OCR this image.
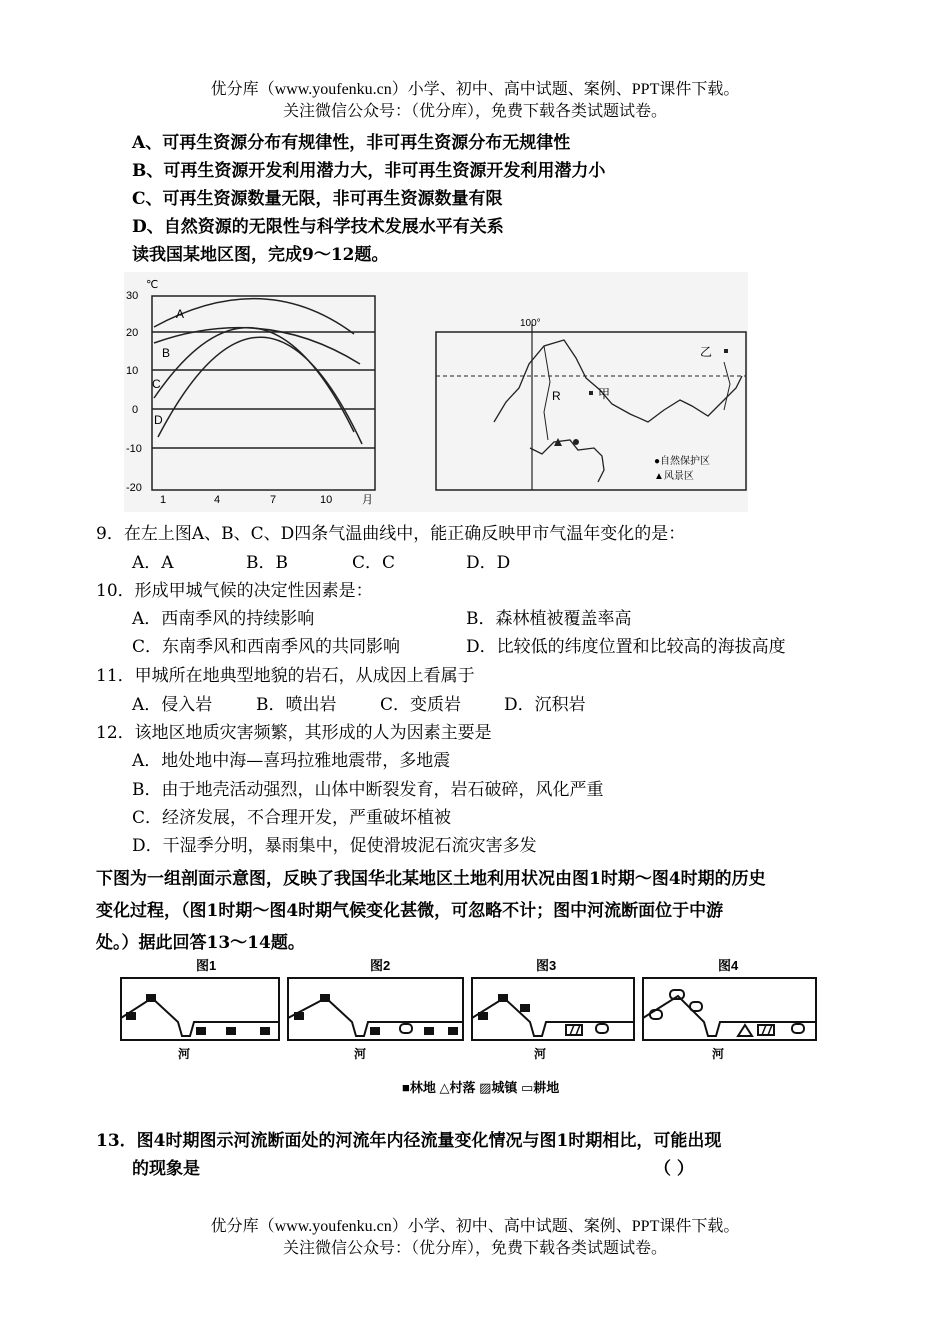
优分库（www.youfenku.cn）小学、初中、高中试题、案例、PPT课件下载。
关注微信公众号：（优分库），免费下载各类试题试卷。
A、可再生资源分布有规律性，非可再生资源分布无规律性
B、可再生资源开发利用潜力大，非可再生资源开发利用潜力小
C、可再生资源数量无限，非可再生资源数量有限
D、自然资源的无限性与科学技术发展水平有关系
读我国某地区图，完成9～12题。
℃
30
20
10
0
-10
-20
1	4	7	10	月
A
B
C
D
100°
R	甲
乙
●自然保护区
▲风景区
9．在左上图A、B、C、D四条气温曲线中，能正确反映甲市气温年变化的是：
A．A	B．B	C．C	D．D
10．形成甲城气候的决定性因素是：
A．西南季风的持续影响	B．森林植被覆盖率高
C．东南季风和西南季风的共同影响	D．比较低的纬度位置和比较高的海拔高度
11．甲城所在地典型地貌的岩石，从成因上看属于
A．侵入岩	B．喷出岩	C．变质岩	D．沉积岩
12．该地区地质灾害频繁，其形成的人为因素主要是
A．地处地中海—喜玛拉雅地震带，多地震
B．由于地壳活动强烈，山体中断裂发育，岩石破碎，风化严重
C．经济发展，不合理开发，严重破坏植被
D．干湿季分明，暴雨集中，促使滑坡泥石流灾害多发
下图为一组剖面示意图，反映了我国华北某地区土地利用状况由图1时期～图4时期的历史
变化过程，（图1时期～图4时期气候变化甚微，可忽略不计；图中河流断面位于中游
处。）据此回答13～14题。
图1
河
图2
河
图3
河
图4
河
■林地 △村落 ▨城镇 ▭耕地
13．图4时期图示河流断面处的河流年内径流量变化情况与图1时期相比，可能出现
的现象是	（ ）
优分库（www.youfenku.cn）小学、初中、高中试题、案例、PPT课件下载。
关注微信公众号：（优分库），免费下载各类试题试卷。
